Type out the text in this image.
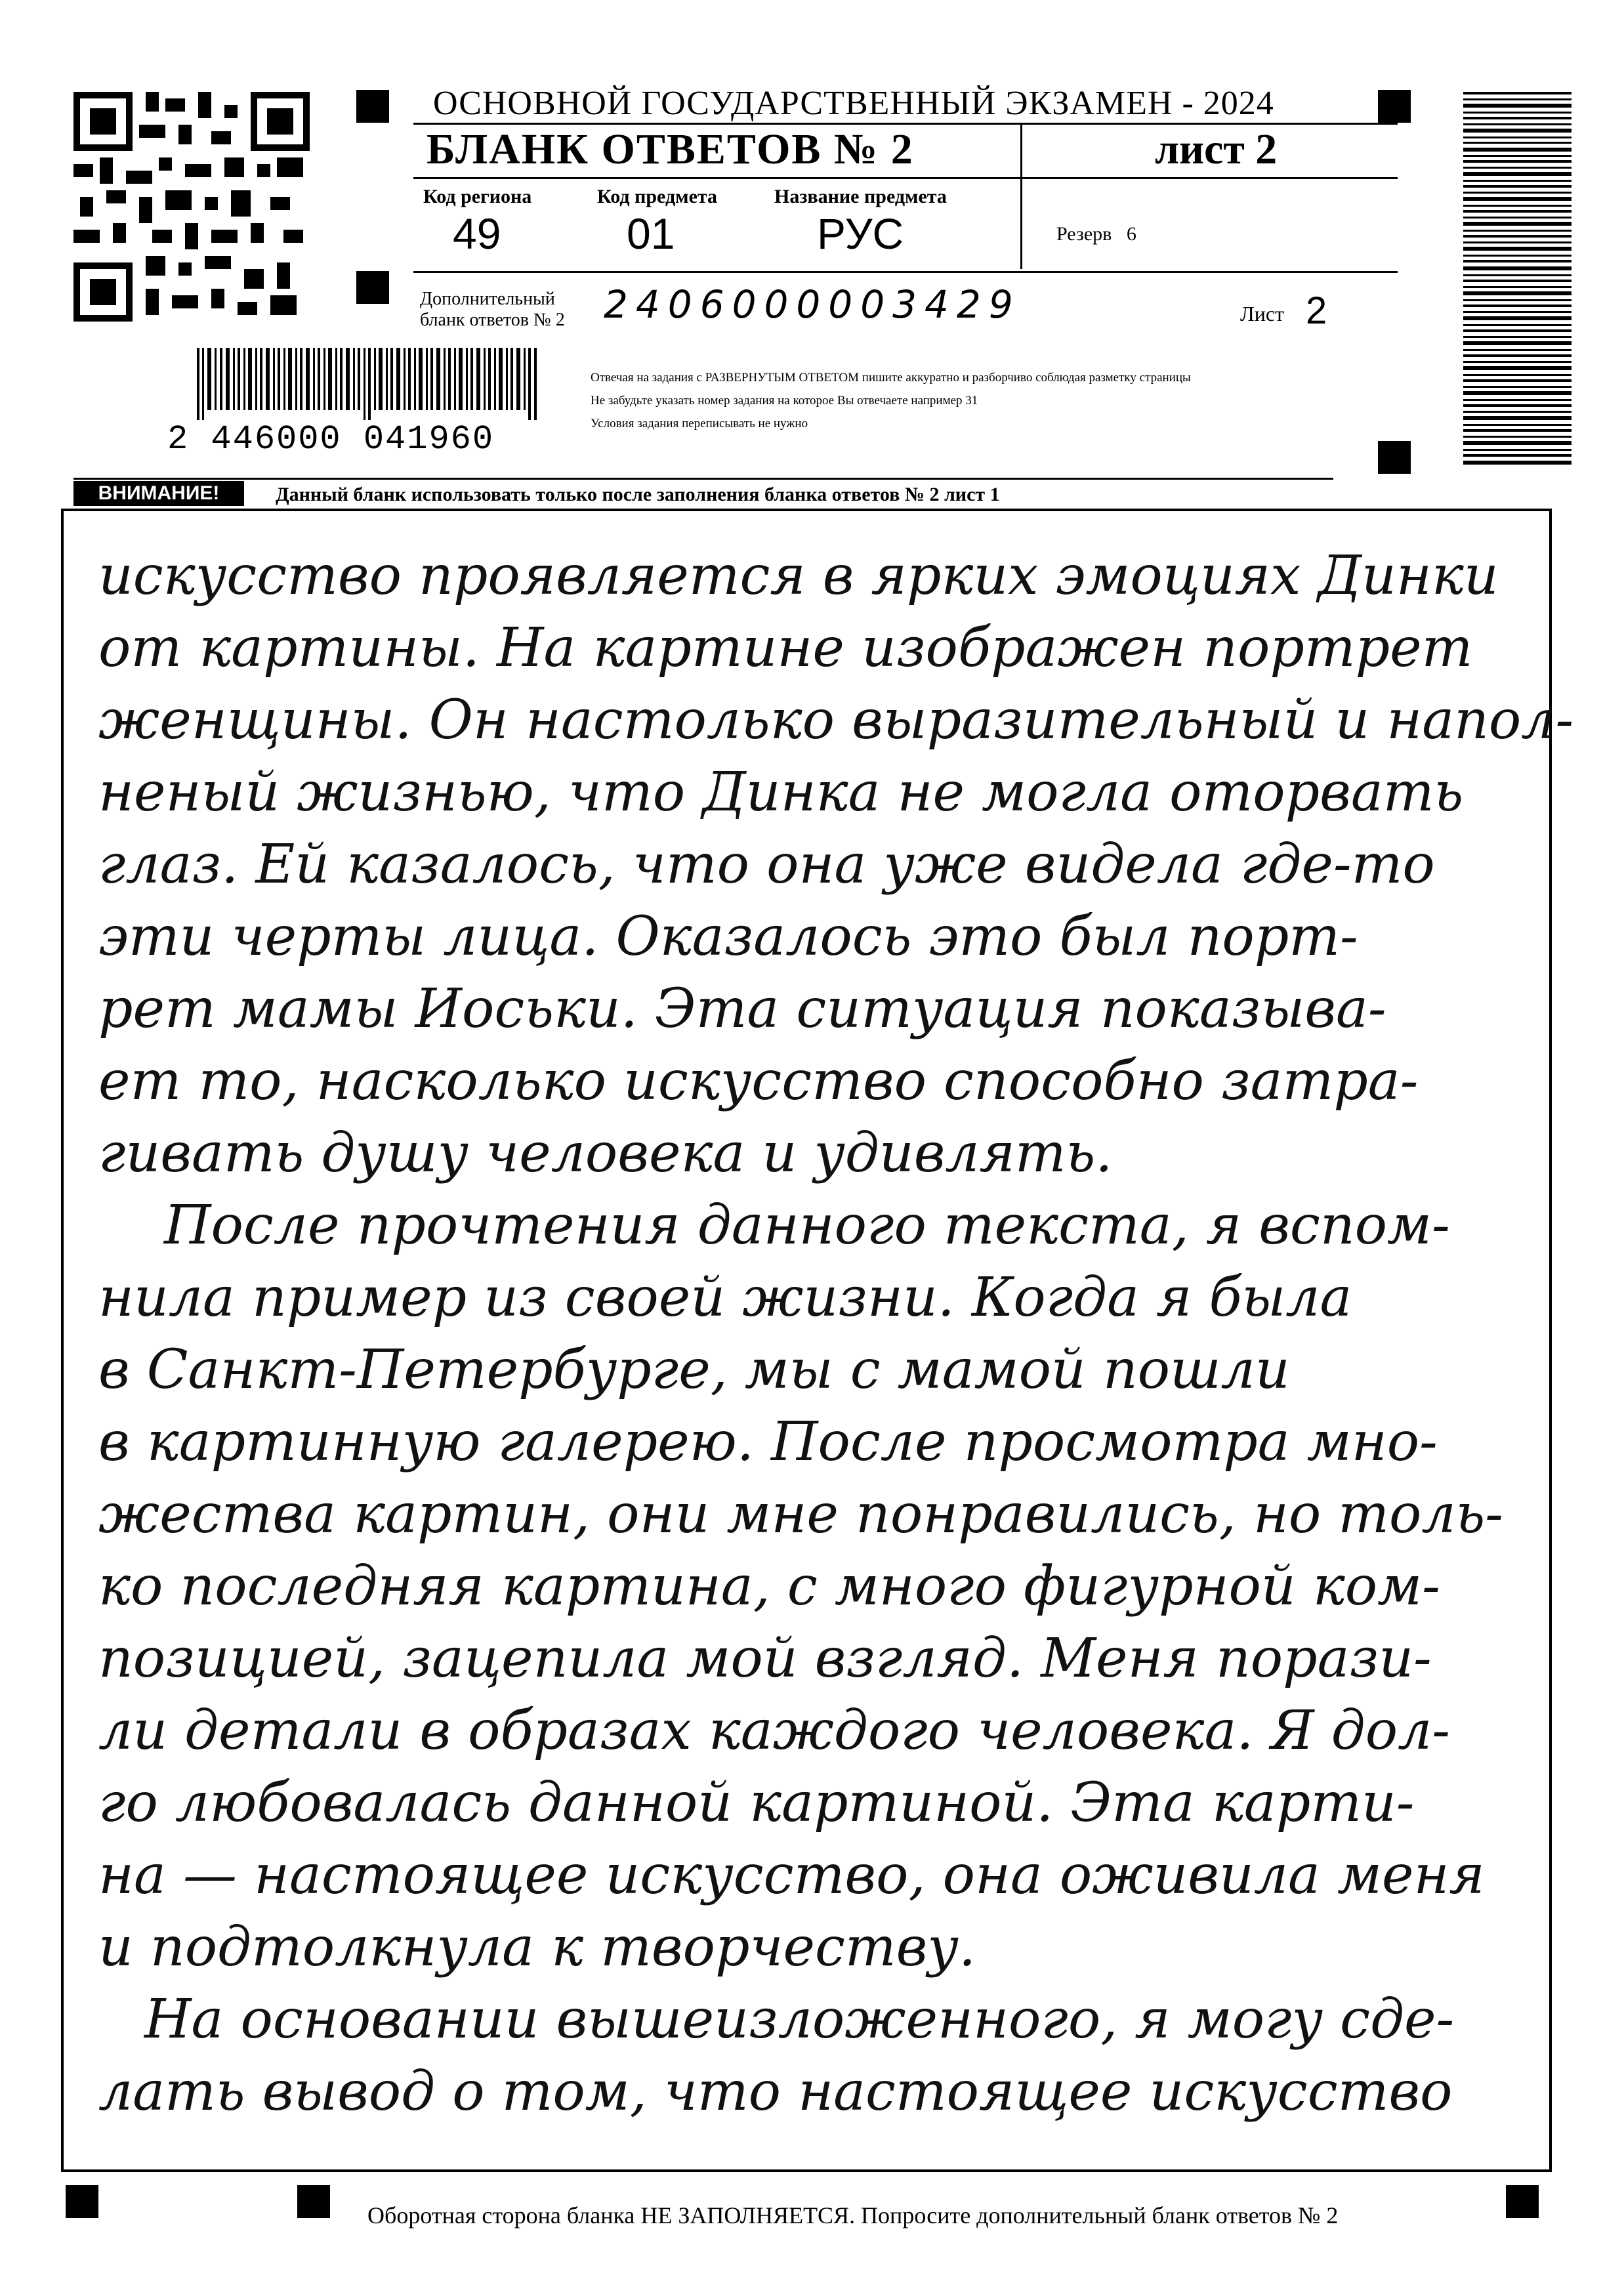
2 446000 041960
ОСНОВНОЙ ГОСУДАРСТВЕННЫЙ ЭКЗАМЕН - 2024
БЛАНК ОТВЕТОВ № 2	лист 2
Код региона
49
Код предмета
01
Название предмета
РУС	Резерв 6
Дополнительный
бланк ответов № 2 2406000003429	Лист 2
Отвечая на задания с РАЗВЕРНУТЫМ ОТВЕТОМ пишите аккуратно и разборчиво соблюдая разметку страницы
Не забудьте указать номер задания на которое Вы отвечаете например 31
Условия задания переписывать не нужно
ВНИМАНИЕ!	Данный бланк использовать только после заполнения бланка ответов № 2 лист 1
искусство проявляется в ярких эмоциях Динки
от картины. На картине изображен портрет
женщины. Он настолько выразительный и напол-
неный жизнью, что Динка не могла оторвать
глаз. Ей казалось, что она уже видела где-то
эти черты лица. Оказалось это был порт-
рет мамы Иоськи. Эта ситуация показыва-
ет то, насколько искусство способно затра-
гивать душу человека и удивлять.
После прочтения данного текста, я вспом-
нила пример из своей жизни. Когда я была
в Санкт-Петербурге, мы с мамой пошли
в картинную галерею. После просмотра мно-
жества картин, они мне понравились, но толь-
ко последняя картина, с много фигурной ком-
позицией, зацепила мой взгляд. Меня порази-
ли детали в образах каждого человека. Я дол-
го любовалась данной картиной. Эта карти-
на — настоящее искусство, она оживила меня
и подтолкнула к творчеству.
На основании вышеизложенного, я могу сде-
лать вывод о том, что настоящее искусство
Оборотная сторона бланка НЕ ЗАПОЛНЯЕТСЯ. Попросите дополнительный бланк ответов № 2
